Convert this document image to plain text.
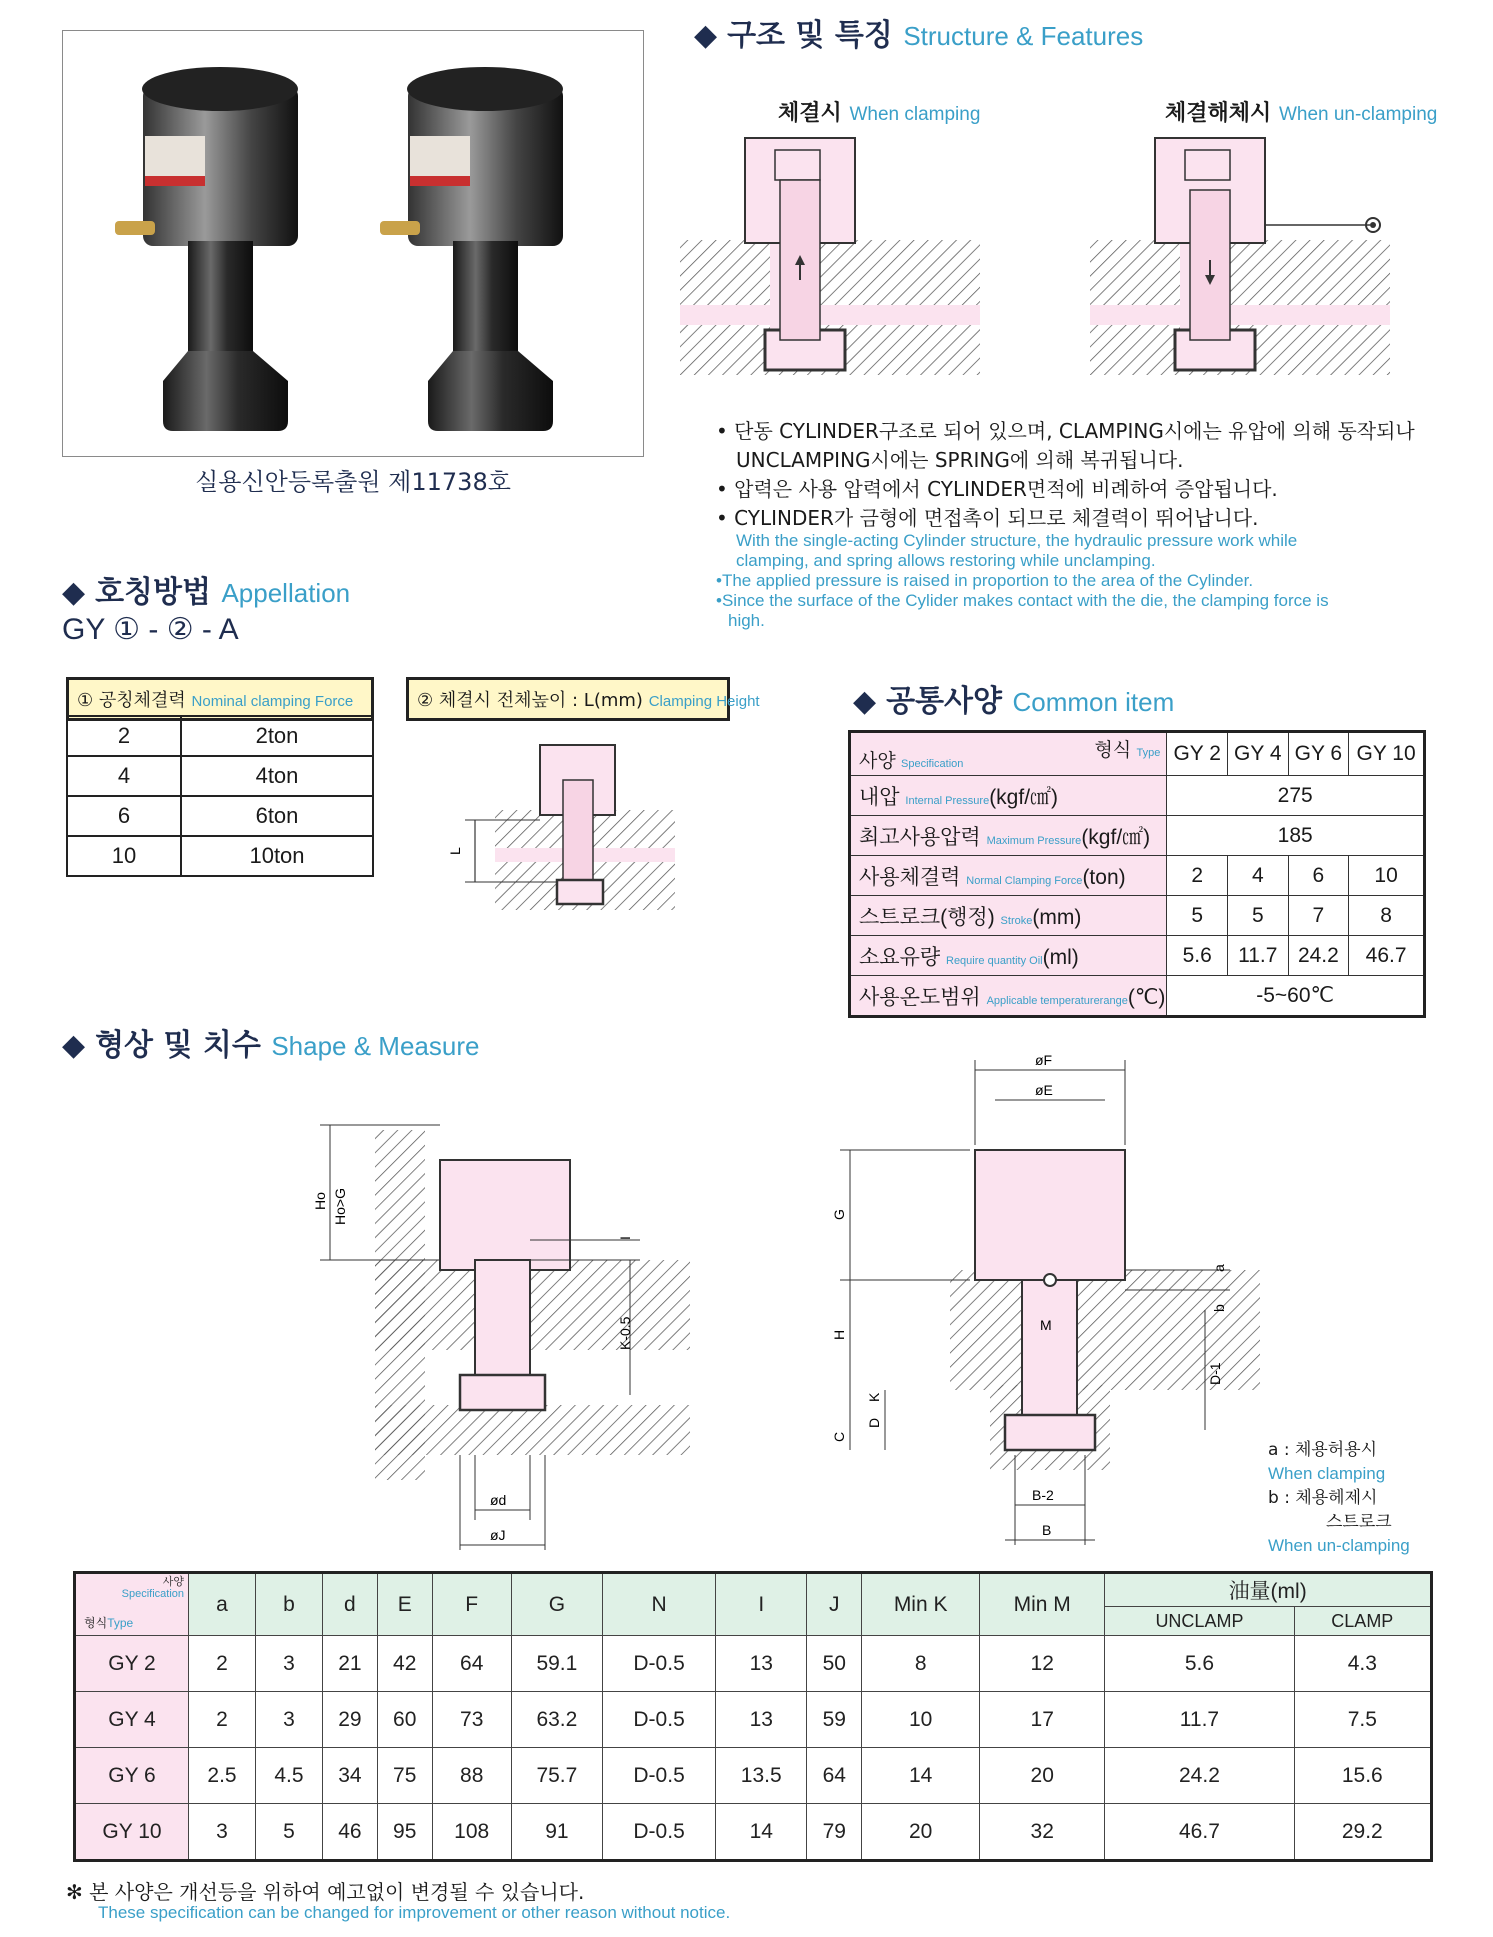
실용신안등록출원 제11738호
◆ 구조 및 특징 Structure & Features
체결시 When clamping	체결해체시 When un-clamping
• 단동 CYLINDER구조로 되어 있으며, CLAMPING시에는 유압에 의해 동작되나
UNCLAMPING시에는 SPRING에 의해 복귀됩니다.
• 압력은 사용 압력에서 CYLINDER면적에 비례하여 증압됩니다.
• CYLINDER가 금형에 면접촉이 되므로 체결력이 뛰어납니다.
With the single-acting Cylinder structure, the hydraulic pressure work while
clamping, and spring allows restoring while unclamping.
•The applied pressure is raised in proportion to the area of the Cylinder.
•Since the surface of the Cylider makes contact with the die, the clamping force is
high.
◆ 호칭방법 Appellation
GY ① - ② - A
① 공칭체결력 Nominal clamping Force
2	2ton
4	4ton
6	6ton
10	10ton
② 체결시 전체높이 : L(mm) Clamping Height
L
◆ 공통사양 Common item
사양 Specification
형식 Type	GY 2	GY 4	GY 6	GY 10
내압 Internal Pressure(kgf/㎠)	275			
최고사용압력 Maximum Pressure(kgf/㎠)	185			
사용체결력 Normal Clamping Force(ton)	2	4	6	10
스트로크(행정) Stroke(mm)	5	5	7	8
소요유량 Require quantity Oil(ml)	5.6	11.7	24.2	46.7
사용온도범위 Applicable temperaturerange(℃)	-5~60℃			
◆ 형상 및 치수 Shape & Measure
Ho Ho>G
I
K-0.5
ød
øJ
øF
øE
G
H
M
C
D
K
a
b
D-1
B-2
B
a : 체용허용시
When clamping
b : 체용헤제시
스트로크
When un-clamping
사양
Specification
형식Type	a	b	d	E	F	G	N	I	J	Min K	Min M	油量(ml)	
												UNCLAMP	CLAMP
GY 2	2	3	21	42	64	59.1	D-0.5	13	50	8	12	5.6	4.3
GY 4	2	3	29	60	73	63.2	D-0.5	13	59	10	17	11.7	7.5
GY 6	2.5	4.5	34	75	88	75.7	D-0.5	13.5	64	14	20	24.2	15.6
GY 10	3	5	46	95	108	91	D-0.5	14	79	20	32	46.7	29.2
✻ 본 사양은 개선등을 위하여 예고없이 변경될 수 있습니다.
These specification can be changed for improvement or other reason without notice.
